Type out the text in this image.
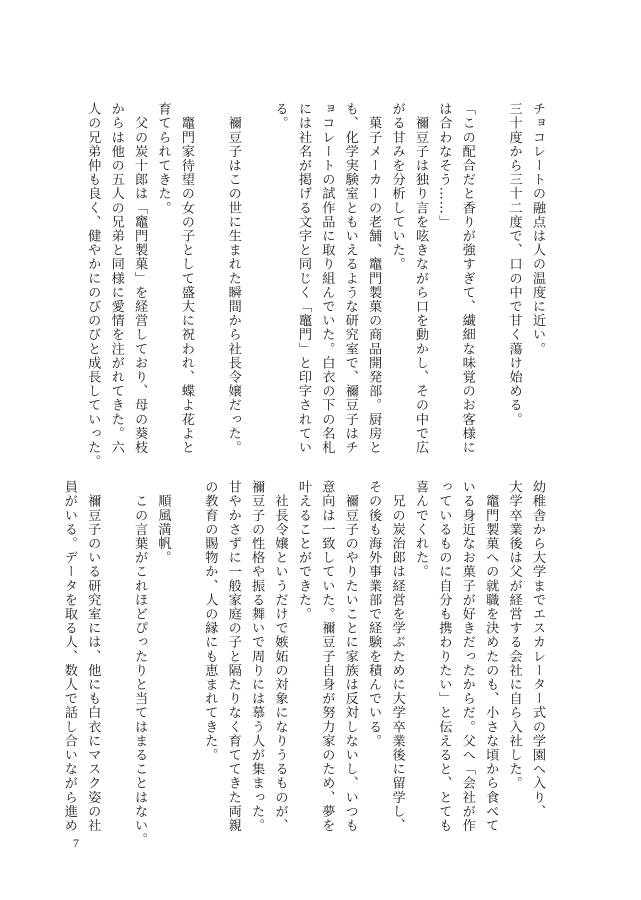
チョコレートの融点は人の温度に近い。
三十度から三十二度で、口の中で甘く蕩け始める。

「この配合だと香りが強すぎて、繊細な味覚のお客様に
は合わなそう……」
　禰豆子は独り言を呟きながら口を動かし、その中で広
がる甘みを分析していた。
　菓子メーカーの老舗、竈門製菓の商品開発部。厨房と
も、化学実験室ともいえるような研究室で、禰豆子はチ
ョコレートの試作品に取り組んでいた。白衣の下の名札
には社名が掲げる文字と同じく「竈門」と印字されてい
る。

　禰豆子はこの世に生まれた瞬間から社長令嬢だった。

　竈門家待望の女の子として盛大に祝われ、蝶よ花よと
育てられてきた。
　父の炭十郎は「竈門製菓」を経営しており、母の葵枝
からは他の五人の兄弟と同様に愛情を注がれてきた。六
人の兄弟仲も良く、健やかにのびのびと成長していった。
幼稚舎から大学までエスカレーター式の学園へ入り、
大学卒業後は父が経営する会社に自ら入社した。
　竈門製菓への就職を決めたのも、小さな頃から食べて
いる身近なお菓子が好きだったからだ。父へ「会社が作
っているものに自分も携わりたい」と伝えると、とても
喜んでくれた。
　兄の炭治郎は経営を学ぶために大学卒業後に留学し、
その後も海外事業部で経験を積んでいる。
　禰豆子のやりたいことに家族は反対しないし、いつも
意向は一致していた。禰豆子自身が努力家のため、夢を
叶えることができた。
　社長令嬢というだけで嫉妬の対象になりうるものが、
禰豆子の性格や振る舞いで周りには慕う人が集まった。
甘やかさずに一般家庭の子と隔たりなく育ててきた両親
の教育の賜物か、人の縁にも恵まれてきた。

　順風満帆。
　この言葉がこれほどぴったりと当てはまることはない。

　禰豆子のいる研究室には、他にも白衣にマスク姿の社
員がいる。データを取る人、数人で話し合いながら進め
7
